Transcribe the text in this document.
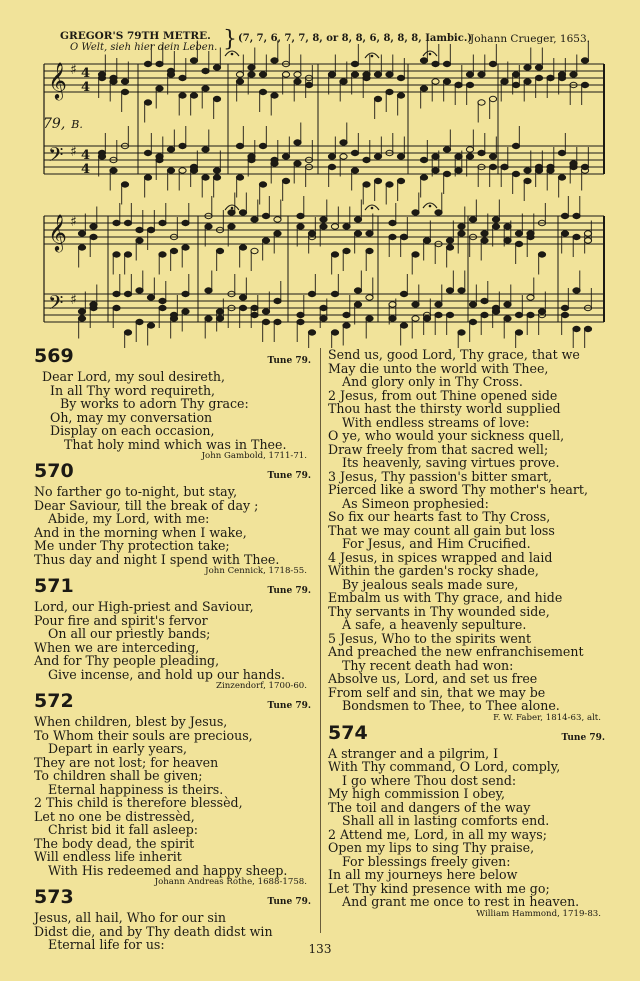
GREGOR'S 79TH METRE.
O Welt, sieh hier dein Leben. } (7, 7, 6, 7, 7, 8, or 8, 8, 6, 8, 8, 8, Iambic.)
Johann Crueger, 1653.
79, B.
𝄞
𝄢
♯ 4
4
♯ 4
4
𝄞
𝄢
♯
♯
569	Tune 79.
Dear Lord, my soul desireth,
In all Thy word requireth,
By works to adorn Thy grace:
Oh, may my conversation
Display on each occasion,
That holy mind which was in Thee.
John Gambold, 1711-71.
570	Tune 79.
No farther go to-night, but stay,
Dear Saviour, till the break of day ;
Abide, my Lord, with me:
And in the morning when I wake,
Me under Thy protection take;
Thus day and night I spend with Thee.
John Cennick, 1718-55.
571	Tune 79.
Lord, our High-priest and Saviour,
Pour fire and spirit's fervor
On all our priestly bands;
When we are interceding,
And for Thy people pleading,
Give incense, and hold up our hands.
Zinzendorf, 1700-60.
572	Tune 79.
When children, blest by Jesus,
To Whom their souls are precious,
Depart in early years,
They are not lost; for heaven
To children shall be given;
Eternal happiness is theirs.
2 This child is therefore blessèd,
Let no one be distressèd,
Christ bid it fall asleep:
The body dead, the spirit
Will endless life inherit
With His redeemed and happy sheep.
Johann Andreas Rothe, 1688-1758.
573	Tune 79.
Jesus, all hail, Who for our sin
Didst die, and by Thy death didst win
Eternal life for us:
Send us, good Lord, Thy grace, that we
May die unto the world with Thee,
And glory only in Thy Cross.
2 Jesus, from out Thine opened side
Thou hast the thirsty world supplied
With endless streams of love:
O ye, who would your sickness quell,
Draw freely from that sacred well;
Its heavenly, saving virtues prove.
3 Jesus, Thy passion's bitter smart,
Pierced like a sword Thy mother's heart,
As Simeon prophesied:
So fix our hearts fast to Thy Cross,
That we may count all gain but loss
For Jesus, and Him Crucified.
4 Jesus, in spices wrapped and laid
Within the garden's rocky shade,
By jealous seals made sure,
Embalm us with Thy grace, and hide
Thy servants in Thy wounded side,
A safe, a heavenly sepulture.
5 Jesus, Who to the spirits went
And preached the new enfranchisement
Thy recent death had won:
Absolve us, Lord, and set us free
From self and sin, that we may be
Bondsmen to Thee, to Thee alone.
F. W. Faber, 1814-63, alt.
574	Tune 79.
A stranger and a pilgrim, I
With Thy command, O Lord, comply,
I go where Thou dost send:
My high commission I obey,
The toil and dangers of the way
Shall all in lasting comforts end.
2 Attend me, Lord, in all my ways;
Open my lips to sing Thy praise,
For blessings freely given:
In all my journeys here below
Let Thy kind presence with me go;
And grant me once to rest in heaven.
William Hammond, 1719-83.
133
